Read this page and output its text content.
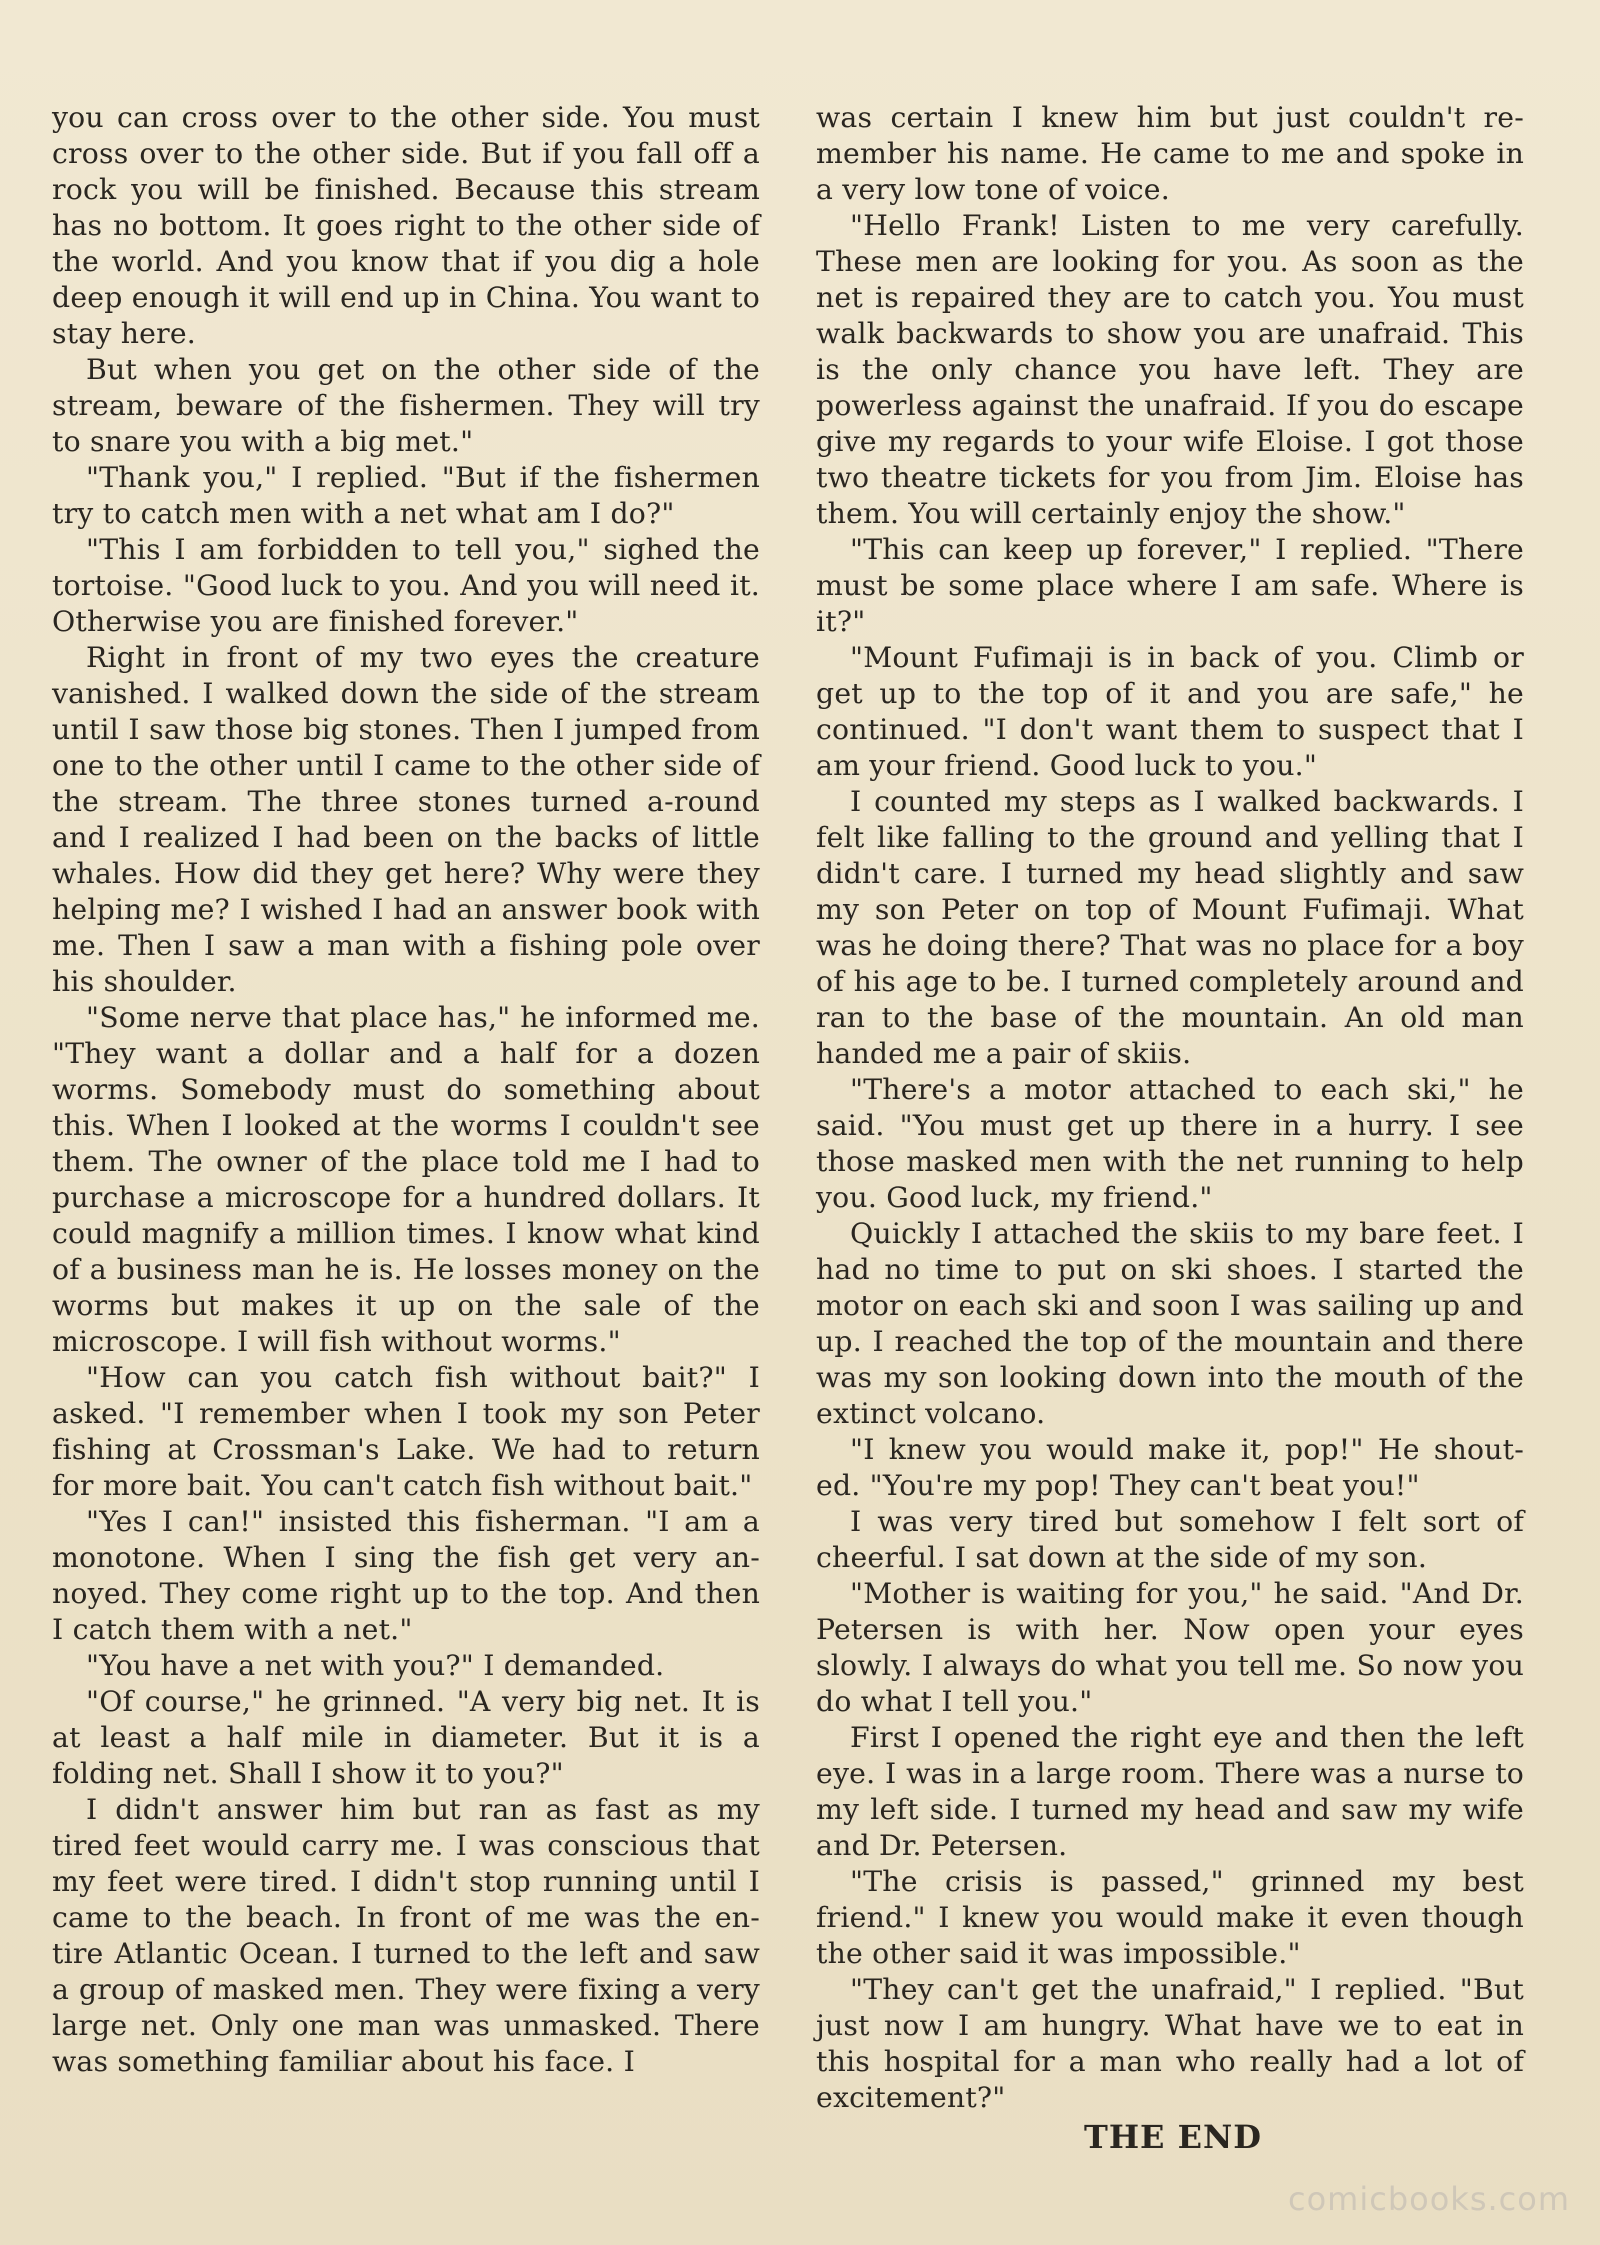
you can cross over to the other side. You must cross over to the other side. But if you fall off a rock you will be finished. Because this stream has no bottom. It goes right to the other side of the world. And you know that if you dig a hole deep enough it will end up in China. You want to stay here.

But when you get on the other side of the stream, beware of the fishermen. They will try to snare you with a big met."

"Thank you," I replied. "But if the fishermen try to catch men with a net what am I do?"

"This I am forbidden to tell you," sighed the tortoise. "Good luck to you. And you will need it. Otherwise you are finished forever."

Right in front of my two eyes the creature vanished. I walked down the side of the stream until I saw those big stones. Then I jumped from one to the other until I came to the other side of the stream. The three stones turned a-round and I realized I had been on the backs of little whales. How did they get here? Why were they helping me? I wished I had an answer book with me. Then I saw a man with a fishing pole over his shoulder.

"Some nerve that place has," he informed me. "They want a dollar and a half for a dozen worms. Somebody must do something about this. When I looked at the worms I couldn't see them. The owner of the place told me I had to purchase a microscope for a hundred dollars. It could magnify a million times. I know what kind of a business man he is. He losses money on the worms but makes it up on the sale of the microscope. I will fish without worms."

"How can you catch fish without bait?" I asked. "I remember when I took my son Peter fishing at Crossman's Lake. We had to return for more bait. You can't catch fish without bait."

"Yes I can!" insisted this fisherman. "I am a monotone. When I sing the fish get very an-noyed. They come right up to the top. And then I catch them with a net."

"You have a net with you?" I demanded.

"Of course," he grinned. "A very big net. It is at least a half mile in diameter. But it is a folding net. Shall I show it to you?"

I didn't answer him but ran as fast as my tired feet would carry me. I was conscious that my feet were tired. I didn't stop running until I came to the beach. In front of me was the en-tire Atlantic Ocean. I turned to the left and saw a group of masked men. They were fixing a very large net. Only one man was unmasked. There was something familiar about his face. I

was certain I knew him but just couldn't re-member his name. He came to me and spoke in a very low tone of voice.

"Hello Frank! Listen to me very carefully. These men are looking for you. As soon as the net is repaired they are to catch you. You must walk backwards to show you are unafraid. This is the only chance you have left. They are powerless against the unafraid. If you do escape give my regards to your wife Eloise. I got those two theatre tickets for you from Jim. Eloise has them. You will certainly enjoy the show."

"This can keep up forever," I replied. "There must be some place where I am safe. Where is it?"

"Mount Fufimaji is in back of you. Climb or get up to the top of it and you are safe," he continued. "I don't want them to suspect that I am your friend. Good luck to you."

I counted my steps as I walked backwards. I felt like falling to the ground and yelling that I didn't care. I turned my head slightly and saw my son Peter on top of Mount Fufimaji. What was he doing there? That was no place for a boy of his age to be. I turned completely around and ran to the base of the mountain. An old man handed me a pair of skiis.

"There's a motor attached to each ski," he said. "You must get up there in a hurry. I see those masked men with the net running to help you. Good luck, my friend."

Quickly I attached the skiis to my bare feet. I had no time to put on ski shoes. I started the motor on each ski and soon I was sailing up and up. I reached the top of the mountain and there was my son looking down into the mouth of the extinct volcano.

"I knew you would make it, pop!" He shout-ed. "You're my pop! They can't beat you!"

I was very tired but somehow I felt sort of cheerful. I sat down at the side of my son.

"Mother is waiting for you," he said. "And Dr. Petersen is with her. Now open your eyes slowly. I always do what you tell me. So now you do what I tell you."

First I opened the right eye and then the left eye. I was in a large room. There was a nurse to my left side. I turned my head and saw my wife and Dr. Petersen.

"The crisis is passed," grinned my best friend." I knew you would make it even though the other said it was impossible."

"They can't get the unafraid," I replied. "But just now I am hungry. What have we to eat in this hospital for a man who really had a lot of excitement?"

THE END
comicbooks.com
